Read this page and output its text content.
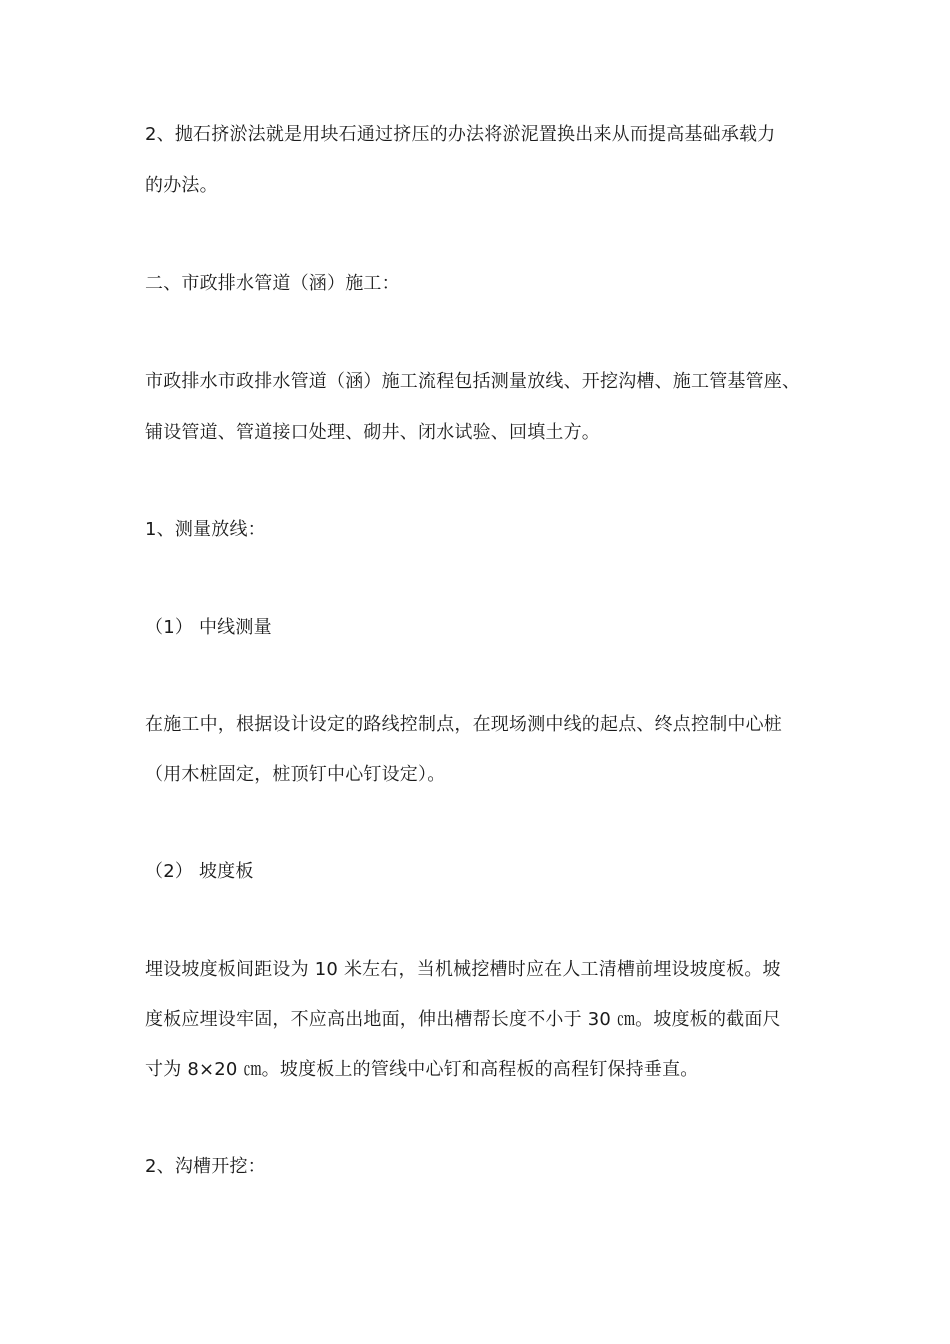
2、抛石挤淤法就是用块石通过挤压的办法将淤泥置换出来从而提高基础承载力
的办法。
二、市政排水管道（涵）施工：
市政排水市政排水管道（涵）施工流程包括测量放线、开挖沟槽、施工管基管座、
铺设管道、管道接口处理、砌井、闭水试验、回填土方。
1、测量放线：
（1） 中线测量
在施工中，根据设计设定的路线控制点，在现场测中线的起点、终点控制中心桩
（用木桩固定，桩顶钉中心钉设定）。
（2） 坡度板
埋设坡度板间距设为 10 米左右，当机械挖槽时应在人工清槽前埋设坡度板。坡
度板应埋设牢固，不应高出地面，伸出槽帮长度不小于 30 ㎝。坡度板的截面尺
寸为 8×20 ㎝。坡度板上的管线中心钉和高程板的高程钉保持垂直。
2、沟槽开挖：
